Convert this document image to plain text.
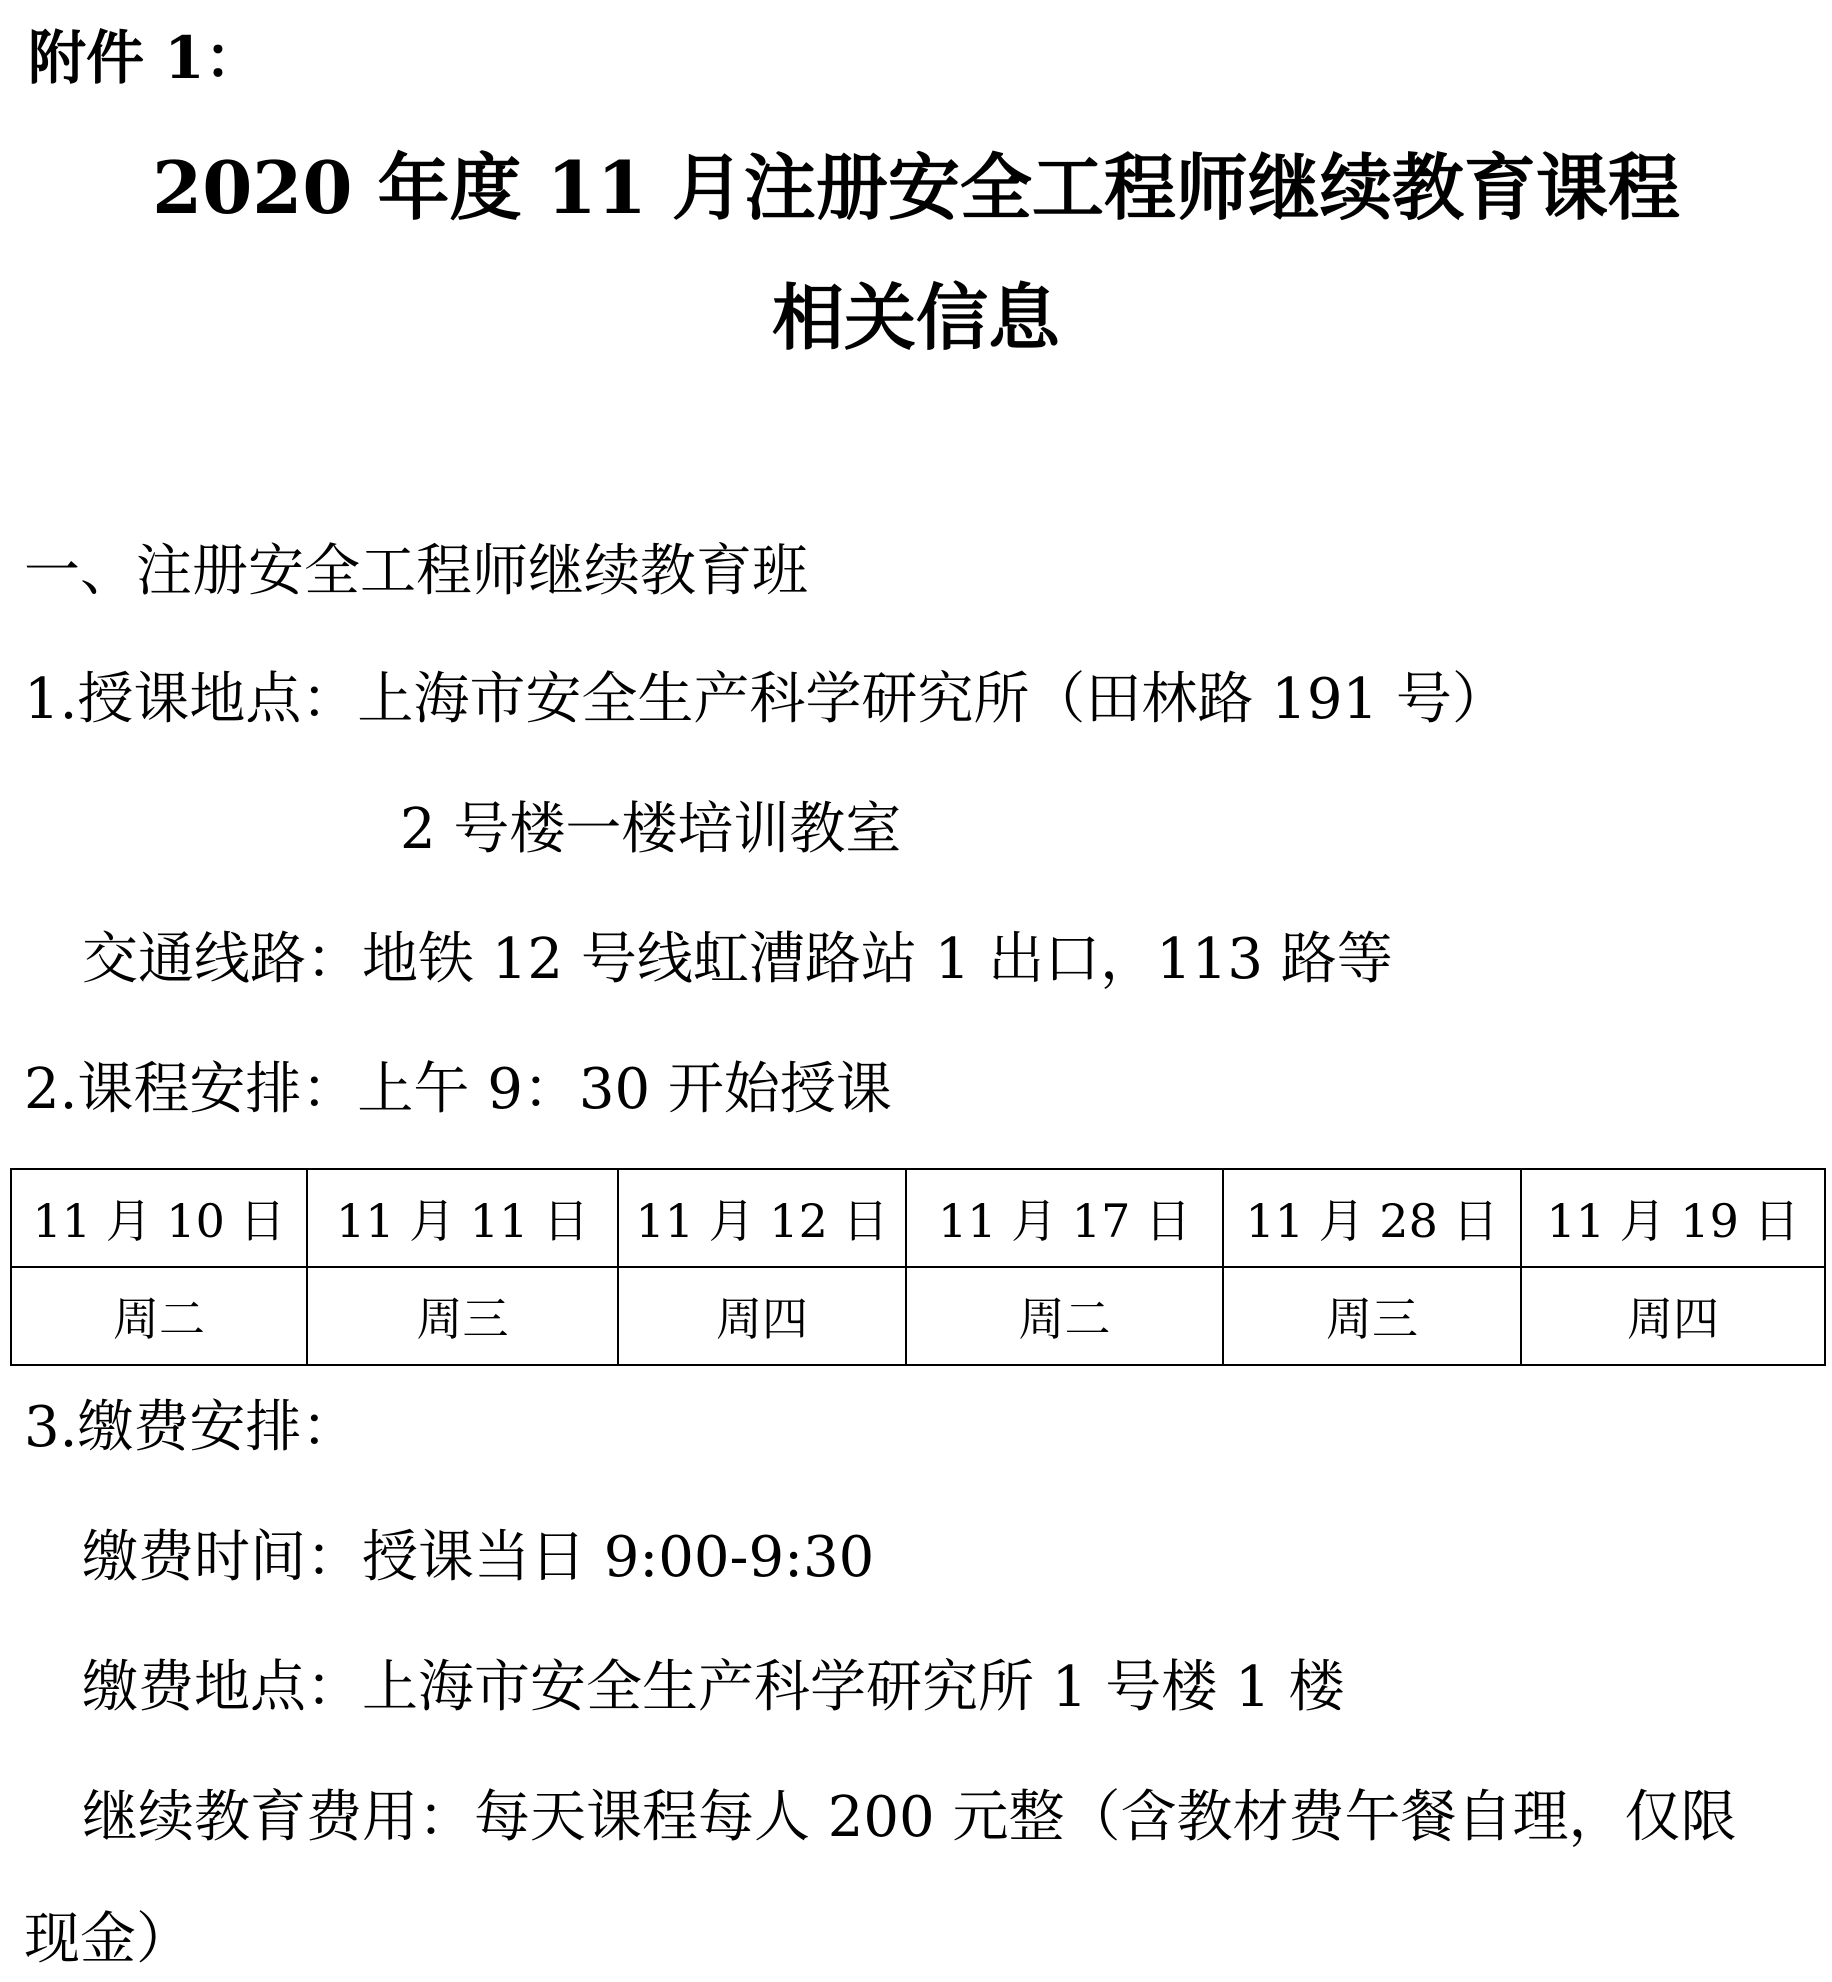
附件 1：
2020 年度 11 月注册安全工程师继续教育课程
相关信息
一、注册安全工程师继续教育班
1.授课地点：上海市安全生产科学研究所（田林路 191 号）
2 号楼一楼培训教室
交通线路：地铁 12 号线虹漕路站 1 出口，113 路等
2.课程安排：上午 9：30 开始授课
11 月 10 日	11 月 11 日	11 月 12 日	11 月 17 日	11 月 28 日	11 月 19 日
周二	周三	周四	周二	周三	周四
3.缴费安排：
缴费时间：授课当日 9:00-9:30
缴费地点：上海市安全生产科学研究所 1 号楼 1 楼
继续教育费用：每天课程每人 200 元整（含教材费午餐自理，仅限
现金）
